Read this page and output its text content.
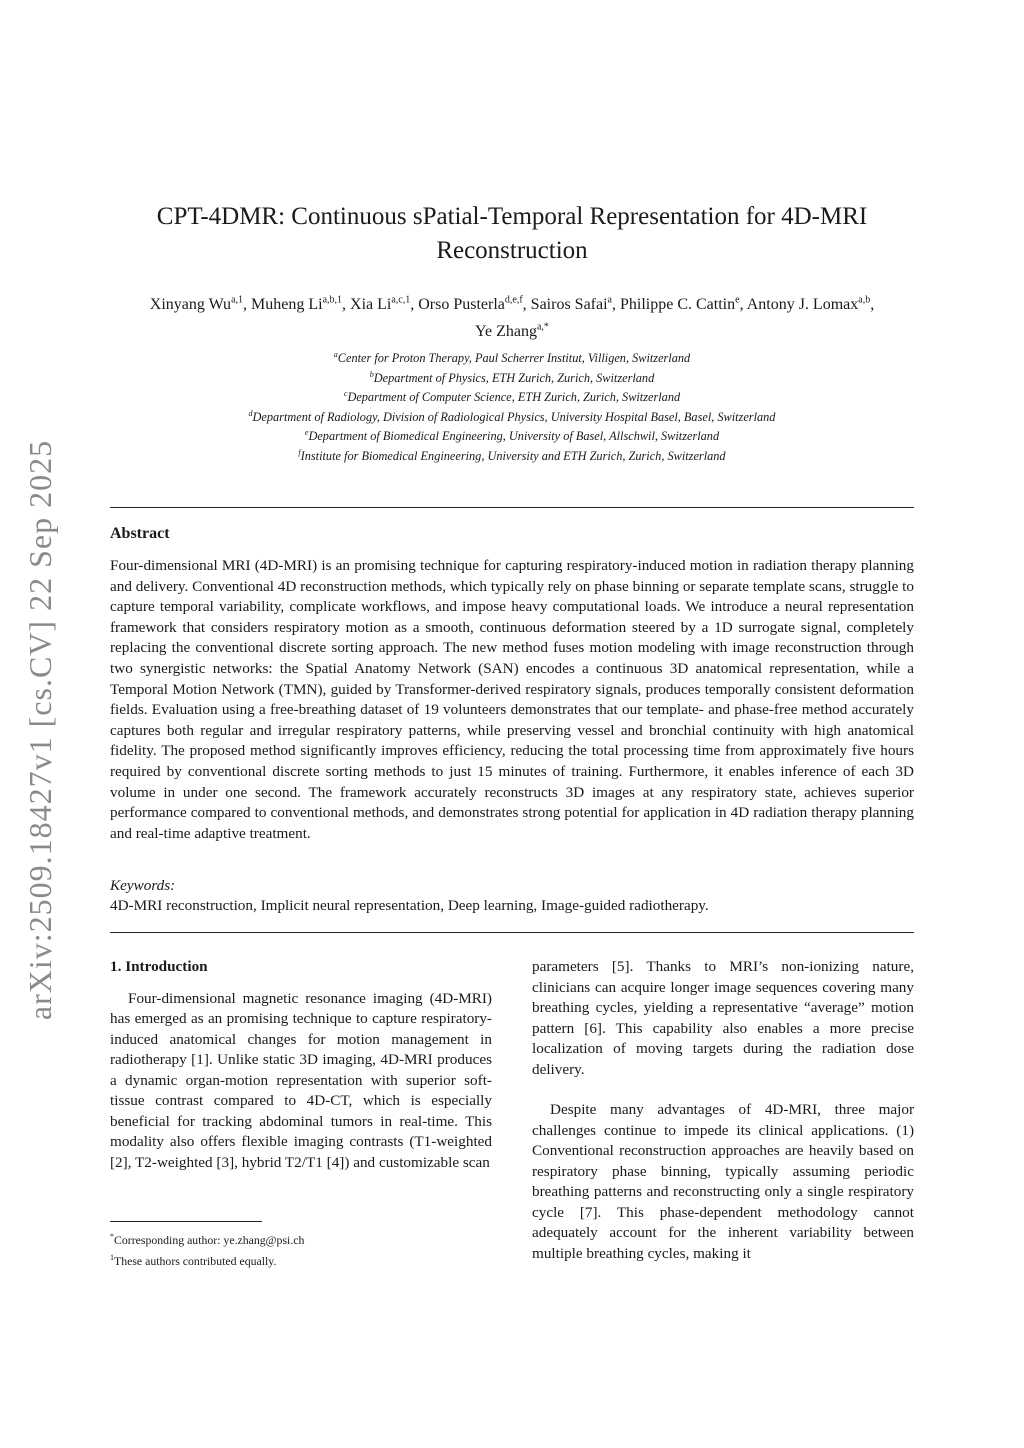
arXiv:2509.18427v1 [cs.CV] 22 Sep 2025
CPT-4DMR: Continuous sPatial-Temporal Representation for 4D-MRI Reconstruction
Xinyang Wu$^{a,1}$, Muheng Li$^{a,b,1}$, Xia Li$^{a,c,1}$, Orso Pusterla$^{d,e,f}$, Sairos Safai$^a$, Philippe C. Cattin$^e$, Antony J. Lomax$^{a,b}$,
Ye Zhang$^{a,*}$
$^a$Center for Proton Therapy, Paul Scherrer Institut, Villigen, Switzerland
$^b$Department of Physics, ETH Zurich, Zurich, Switzerland
$^c$Department of Computer Science, ETH Zurich, Zurich, Switzerland
$^d$Department of Radiology, Division of Radiological Physics, University Hospital Basel, Basel, Switzerland
$^e$Department of Biomedical Engineering, University of Basel, Allschwil, Switzerland
$^f$Institute for Biomedical Engineering, University and ETH Zurich, Zurich, Switzerland
Abstract
Four-dimensional MRI (4D-MRI) is an promising technique for capturing respiratory-induced motion in radiation therapy planning and delivery. Conventional 4D reconstruction methods, which typically rely on phase binning or separate template scans, struggle to capture temporal variability, complicate workflows, and impose heavy computational loads. We introduce a neural representation framework that considers respiratory motion as a smooth, continuous deformation steered by a 1D surrogate signal, completely replacing the conventional discrete sorting approach. The new method fuses motion modeling with image reconstruction through two synergistic networks: the Spatial Anatomy Network (SAN) encodes a continuous 3D anatomical representation, while a Temporal Motion Network (TMN), guided by Transformer-derived respiratory signals, produces temporally consistent deformation fields. Evaluation using a free-breathing dataset of 19 volunteers demonstrates that our template- and phase-free method accurately captures both regular and irregular respiratory patterns, while preserving vessel and bronchial continuity with high anatomical fidelity. The proposed method significantly improves efficiency, reducing the total processing time from approximately five hours required by conventional discrete sorting methods to just 15 minutes of training. Furthermore, it enables inference of each 3D volume in under one second. The framework accurately reconstructs 3D images at any respiratory state, achieves superior performance compared to conventional methods, and demonstrates strong potential for application in 4D radiation therapy planning and real-time adaptive treatment.
Keywords:
4D-MRI reconstruction, Implicit neural representation, Deep learning, Image-guided radiotherapy.
1. Introduction

Four-dimensional magnetic resonance imaging (4D-MRI) has emerged as an promising technique to capture respiratory-induced anatomical changes for motion management in radiotherapy [1]. Unlike static 3D imaging, 4D-MRI produces a dynamic organ-motion representation with superior soft-tissue contrast compared to 4D-CT, which is especially beneficial for tracking abdominal tumors in real-time. This modality also offers flexible imaging contrasts (T1-weighted [2], T2-weighted [3], hybrid T2/T1 [4]) and customizable scan

parameters [5]. Thanks to MRI’s non-ionizing nature, clinicians can acquire longer image sequences covering many breathing cycles, yielding a representative “average” motion pattern [6]. This capability also enables a more precise localization of moving targets during the radiation dose delivery.

Despite many advantages of 4D-MRI, three major challenges continue to impede its clinical applications. (1) Conventional reconstruction approaches are heavily based on respiratory phase binning, typically assuming periodic breathing patterns and reconstructing only a single respiratory cycle [7]. This phase-dependent methodology cannot adequately account for the inherent variability between multiple breathing cycles, making it

*Corresponding author: ye.zhang@psi.ch
$^1$These authors contributed equally.
